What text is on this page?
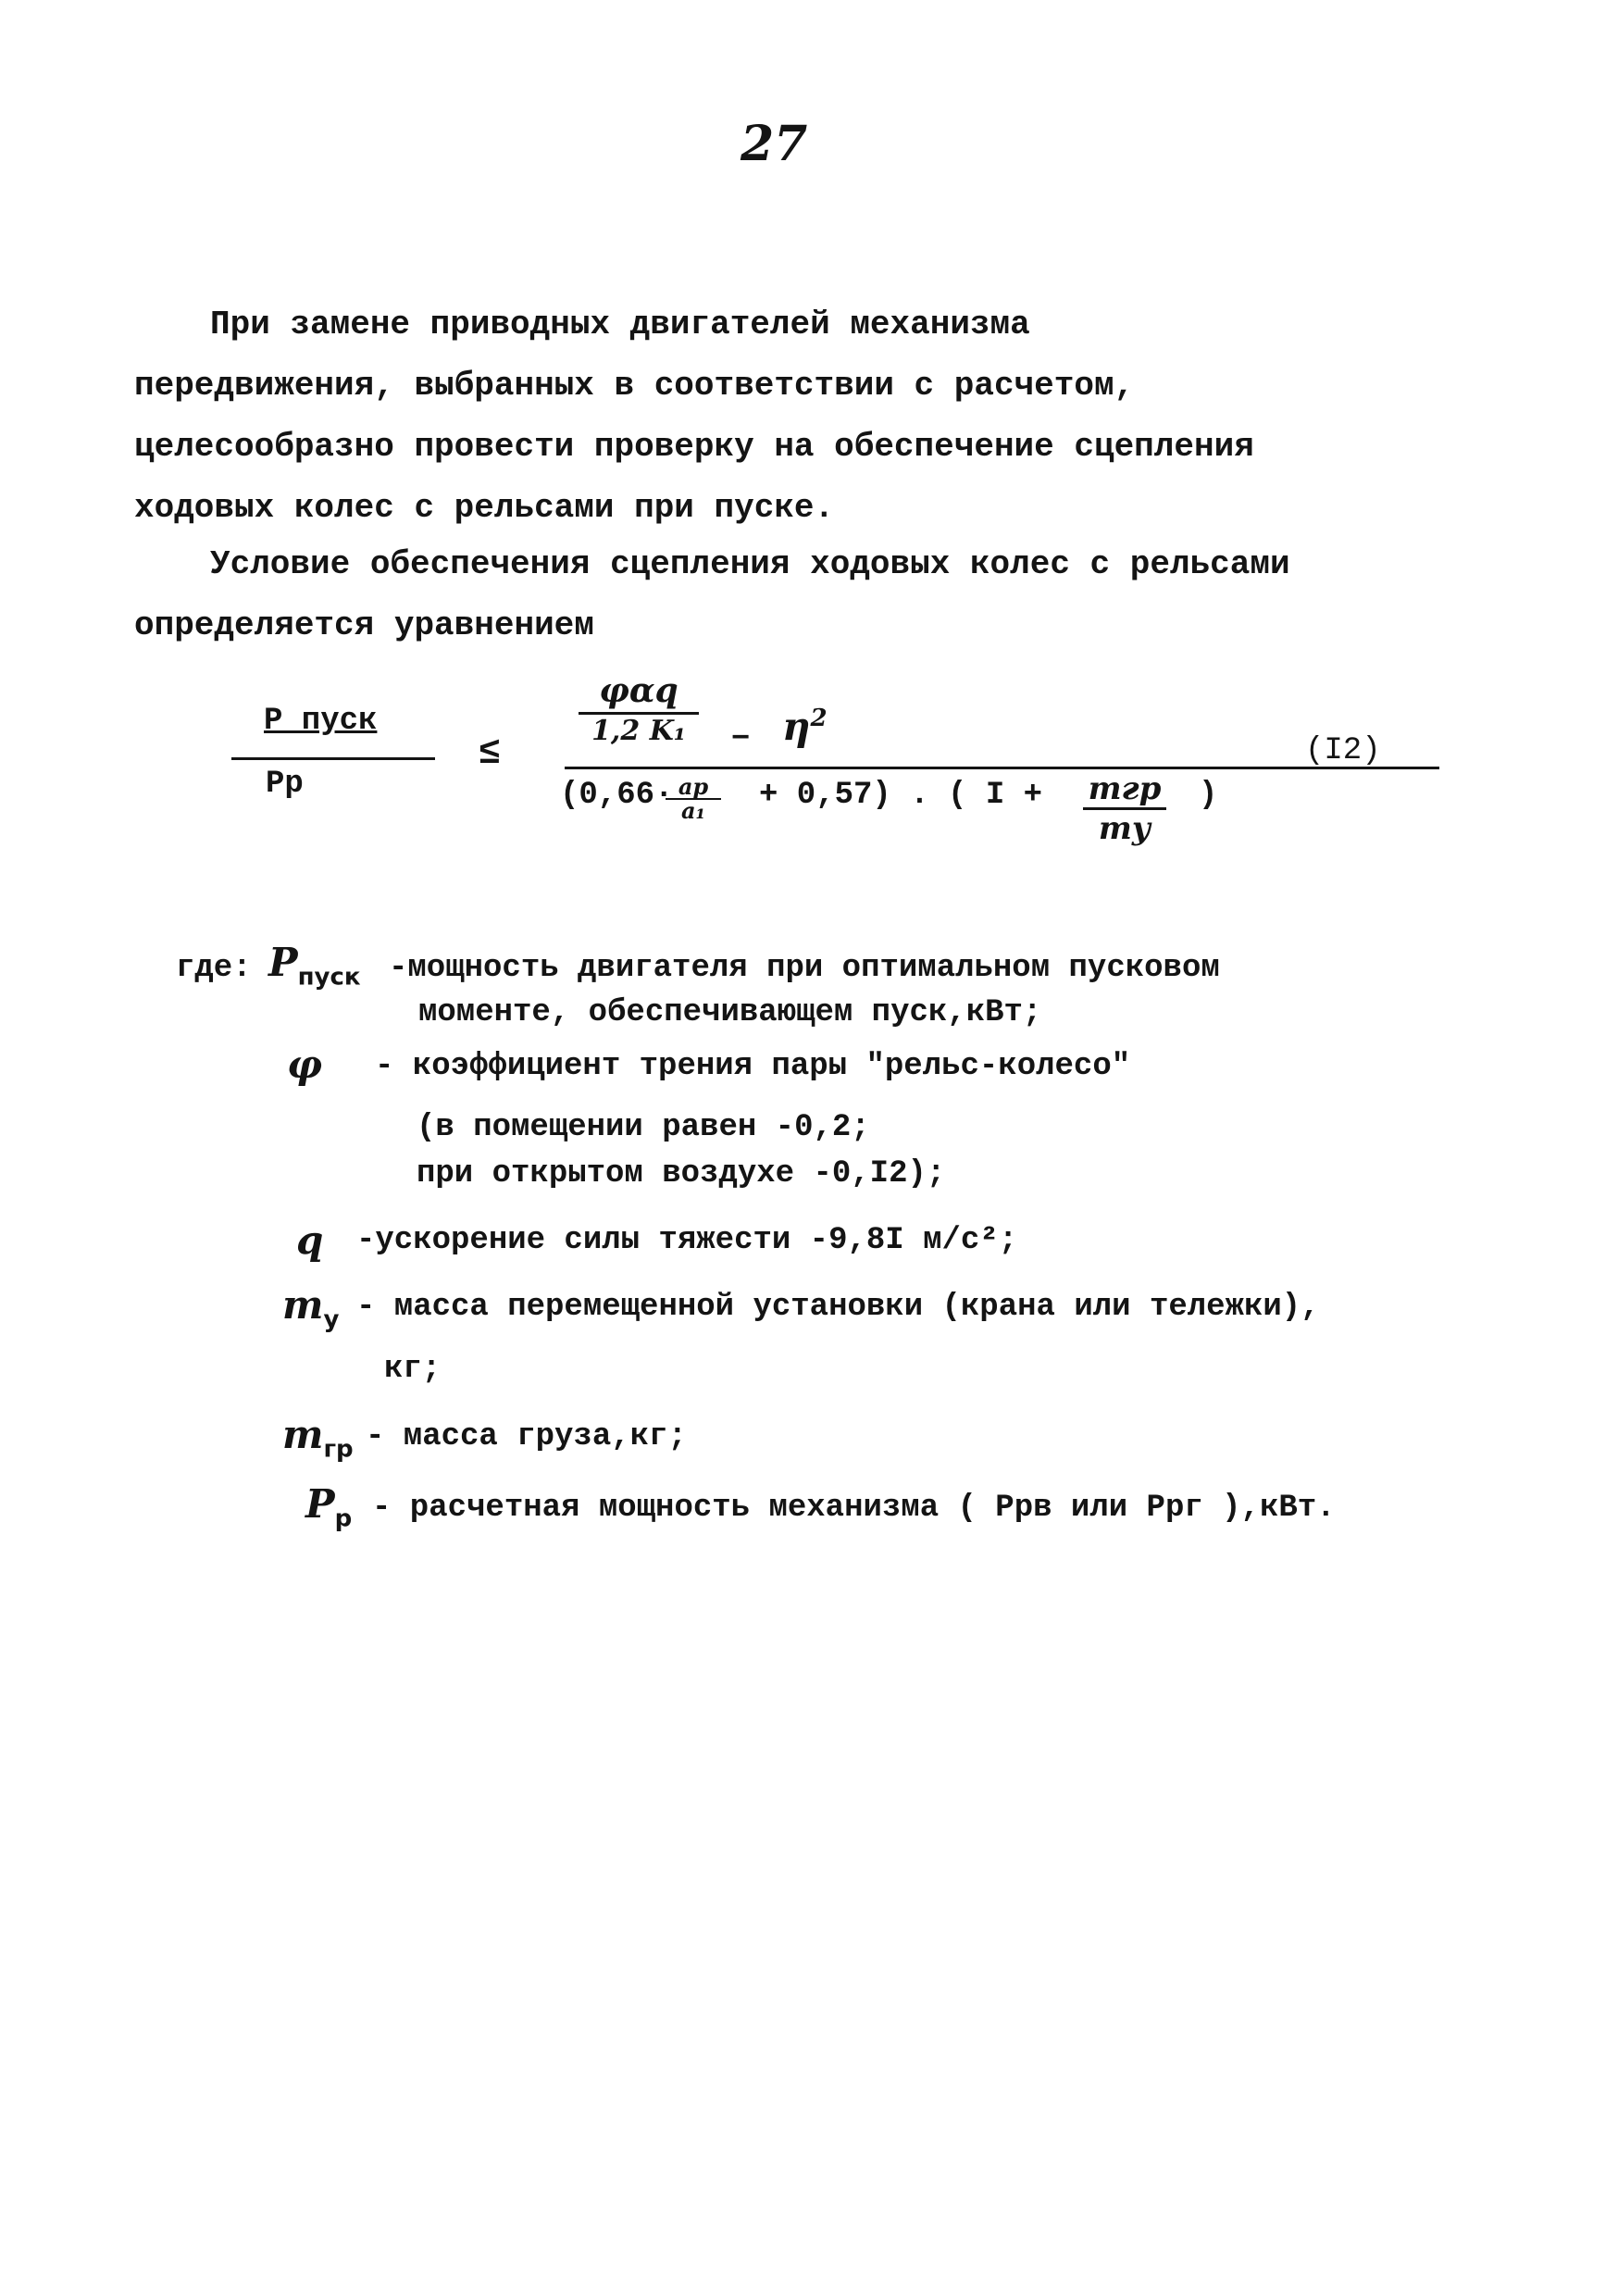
27

При замене приводных двигателей механизма передвижения, выбранных в соответствии с расчетом, целесообразно провести проверку на обеспечение сцепления ходовых колес с рельсами при пуске.

Условие обеспечения сцепления ходовых колес с рельсами определяется уравнением

P пуск
Pp
≤
φαq
1,2 K₁	− $\eta^2$
(0,66· aр
a₁	+ 0,57) . ( I + mгр
mу
)
(I2)
где: $P_{пуск}$ -мощность двигателя при оптимальном пусковом
моменте, обеспечивающем пуск,кВт;
φ - коэффициент трения пары "рельс-колесо"
(в помещении равен -0,2;
при открытом воздухе -0,I2);
q -ускорение силы тяжести -9,8I м/с²;
$m_у$ - масса перемещенной установки (крана или тележки),
кг;
$m_{гр}$ - масса груза,кг;
$P_р$ - расчетная мощность механизма ( Pрв или Pрг ),кВт.
